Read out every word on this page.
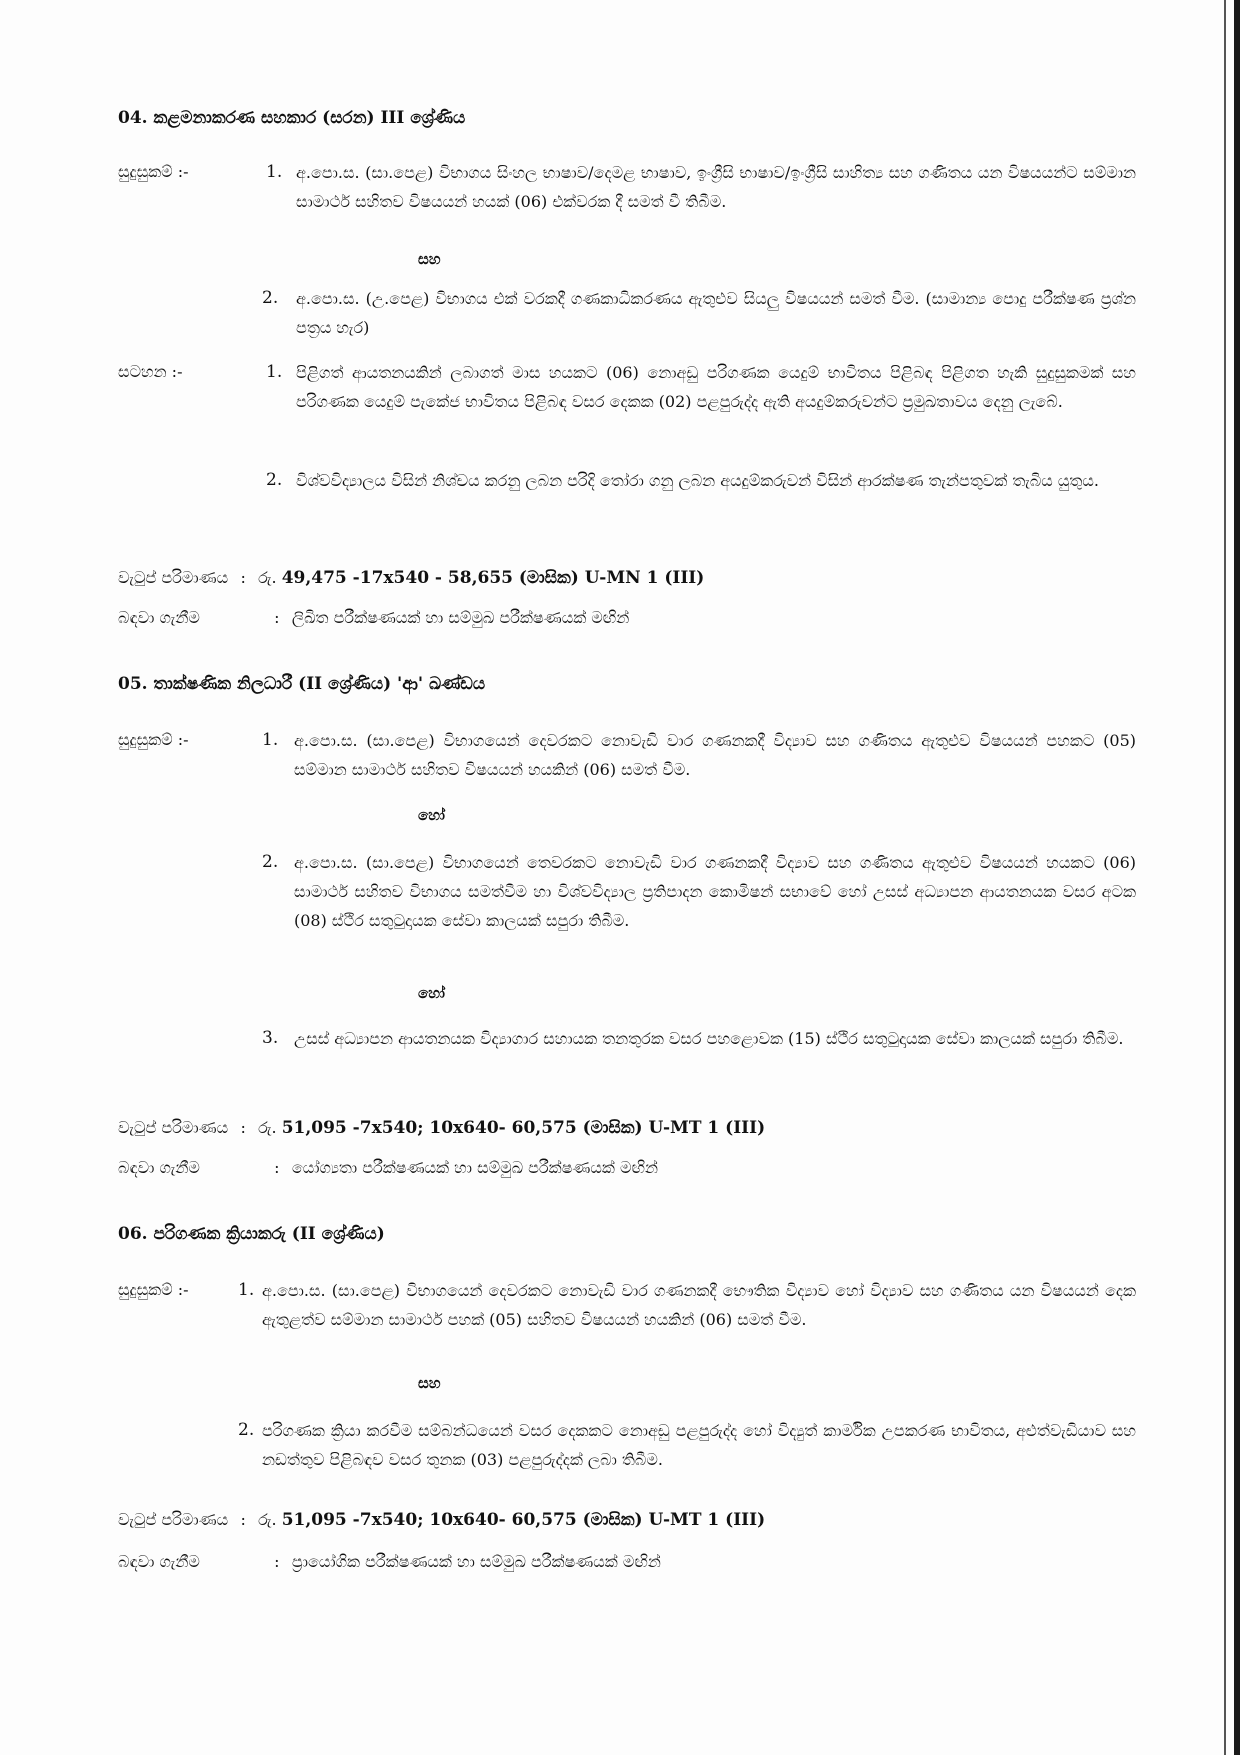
04. කළමනාකරණ සහකාර (සරන) III ශ්‍රේණිය
සුදුසුකම් :-	1. අ.පො.ස. (සා.පෙළ) විභාගය සිංහල භාෂාව/දෙමළ භාෂාව, ඉංග්‍රීසි භාෂාව/ඉංග්‍රීසි සාහිත්‍ය සහ ගණිතය යන විෂයයන්ට සම්මාන සාමාර්ථ සහිතව විෂයයන් හයක් (06) එක්වරක දී සමත් වී තිබීම.
සහ
2. අ.පො.ස. (උ.පෙළ) විභාගය එක් වරකදී ගණකාධිකරණය ඇතුළුව සියලු විෂයයන් සමත් වීම. (සාමාන්‍ය පොදු පරීක්ෂණ ප්‍රශ්න පත්‍රය හැර)
සටහන :-	1. පිළිගත් ආයතනයකින් ලබාගත් මාස හයකට (06) නොඅඩු පරිගණක යෙදුම් භාවිතය පිළිබඳ පිළිගත හැකි සුදුසුකමක් සහ පරිගණක යෙදුම් පැකේජ භාවිතය පිළිබඳ වසර දෙකක (02) පළපුරුද්ද ඇති අයදුම්කරුවන්ට ප්‍රමුඛතාවය දෙනු ලැබේ.
2. විශ්වවිද්‍යාලය විසින් නිශ්චය කරනු ලබන පරිදි තෝරා ගනු ලබන අයදුම්කරුවන් විසින් ආරක්ෂණ තැන්පතුවක් තැබිය යුතුය.
වැටුප් පරිමාණය : රු. 49,475 -17x540 - 58,655 (මාසික) U-MN 1 (III)
බඳවා ගැනීම	: ලිඛිත පරීක්ෂණයක් හා සම්මුඛ පරීක්ෂණයක් මඟින්
05. තාක්ෂණික නිලධාරී (II ශ්‍රේණිය) 'ආ' ඛණ්ඩය
සුදුසුකම් :-	1. අ.පො.ස. (සා.පෙළ) විභාගයෙන් දෙවරකට නොවැඩි වාර ගණනකදී විද්‍යාව සහ ගණිතය ඇතුළුව විෂයයන් පහකට (05) සම්මාන සාමාර්ථ සහිතව විෂයයන් හයකින් (06) සමත් වීම.
හෝ
2. අ.පො.ස. (සා.පෙළ) විභාගයෙන් තෙවරකට නොවැඩි වාර ගණනකදී විද්‍යාව සහ ගණිතය ඇතුළුව විෂයයන් හයකට (06) සාමාර්ථ සහිතව විභාගය සමත්වීම හා විශ්වවිද්‍යාල ප්‍රතිපාදන කොමිෂන් සභාවේ හෝ උසස් අධ්‍යාපන ආයතනයක වසර අටක (08) ස්ථිර සතුටුදායක සේවා කාලයක් සපුරා තිබීම.
හෝ
3. උසස් අධ්‍යාපන ආයතනයක විද්‍යාගාර සහායක තනතුරක වසර පහළොවක (15) ස්ථිර සතුටුදායක සේවා කාලයක් සපුරා තිබීම.
වැටුප් පරිමාණය : රු. 51,095 -7x540; 10x640- 60,575 (මාසික) U-MT 1 (III)
බඳවා ගැනීම	: යෝග්‍යතා පරීක්ෂණයක් හා සම්මුඛ පරීක්ෂණයක් මඟින්
06. පරිගණක ක්‍රියාකරු (II ශ්‍රේණිය)
සුදුසුකම් :-	1. අ.පො.ස. (සා.පෙළ) විභාගයෙන් දෙවරකට නොවැඩි වාර ගණනකදී භෞතික විද්‍යාව හෝ විද්‍යාව සහ ගණිතය යන විෂයයන් දෙක ඇතුළත්ව සම්මාන සාමාර්ථ පහක් (05) සහිතව විෂයයන් හයකින් (06) සමත් වීම.
සහ
2. පරිගණක ක්‍රියා කරවීම සම්බන්ධයෙන් වසර දෙකකට නොඅඩු පළපුරුද්ද හෝ විද්‍යුත් කාර්මික උපකරණ භාවිතය, අළුත්වැඩියාව සහ නඩත්තුව පිළිබඳව වසර තුනක (03) පළපුරුද්දක් ලබා තිබීම.
වැටුප් පරිමාණය : රු. 51,095 -7x540; 10x640- 60,575 (මාසික) U-MT 1 (III)
බඳවා ගැනීම	: ප්‍රායෝගික පරීක්ෂණයක් හා සම්මුඛ පරීක්ෂණයක් මඟින්
